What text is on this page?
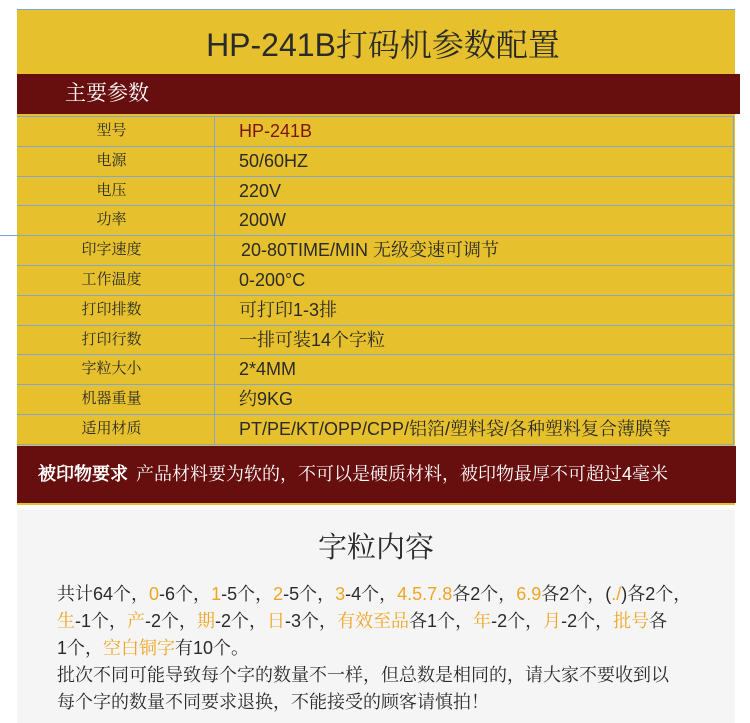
HP-241B打码机参数配置
主要参数
型号	HP-241B
电源	50/60HZ
电压	220V
功率	200W
印字速度	20-80TIME/MIN 无级变速可调节
工作温度	0-200°C
打印排数	可打印1-3排
打印行数	一排可装14个字粒
字粒大小	2*4MM
机器重量	约9KG
适用材质	PT/PE/KT/OPP/CPP/铝箔/塑料袋/各种塑料复合薄膜等
被印物要求 产品材料要为软的，不可以是硬质材料，被印物最厚不可超过4毫米
字粒内容
共计64个，0-6个，1-5个，2-5个，3-4个，4.5.7.8各2个，6.9各2个，(./)各2个，
生-1个，产-2个，期-2个，日-3个，有效至品各1个，年-2个，月-2个，批号各
1个，空白铜字有10个。
批次不同可能导致每个字的数量不一样，但总数是相同的，请大家不要收到以
每个字的数量不同要求退换，不能接受的顾客请慎拍！
